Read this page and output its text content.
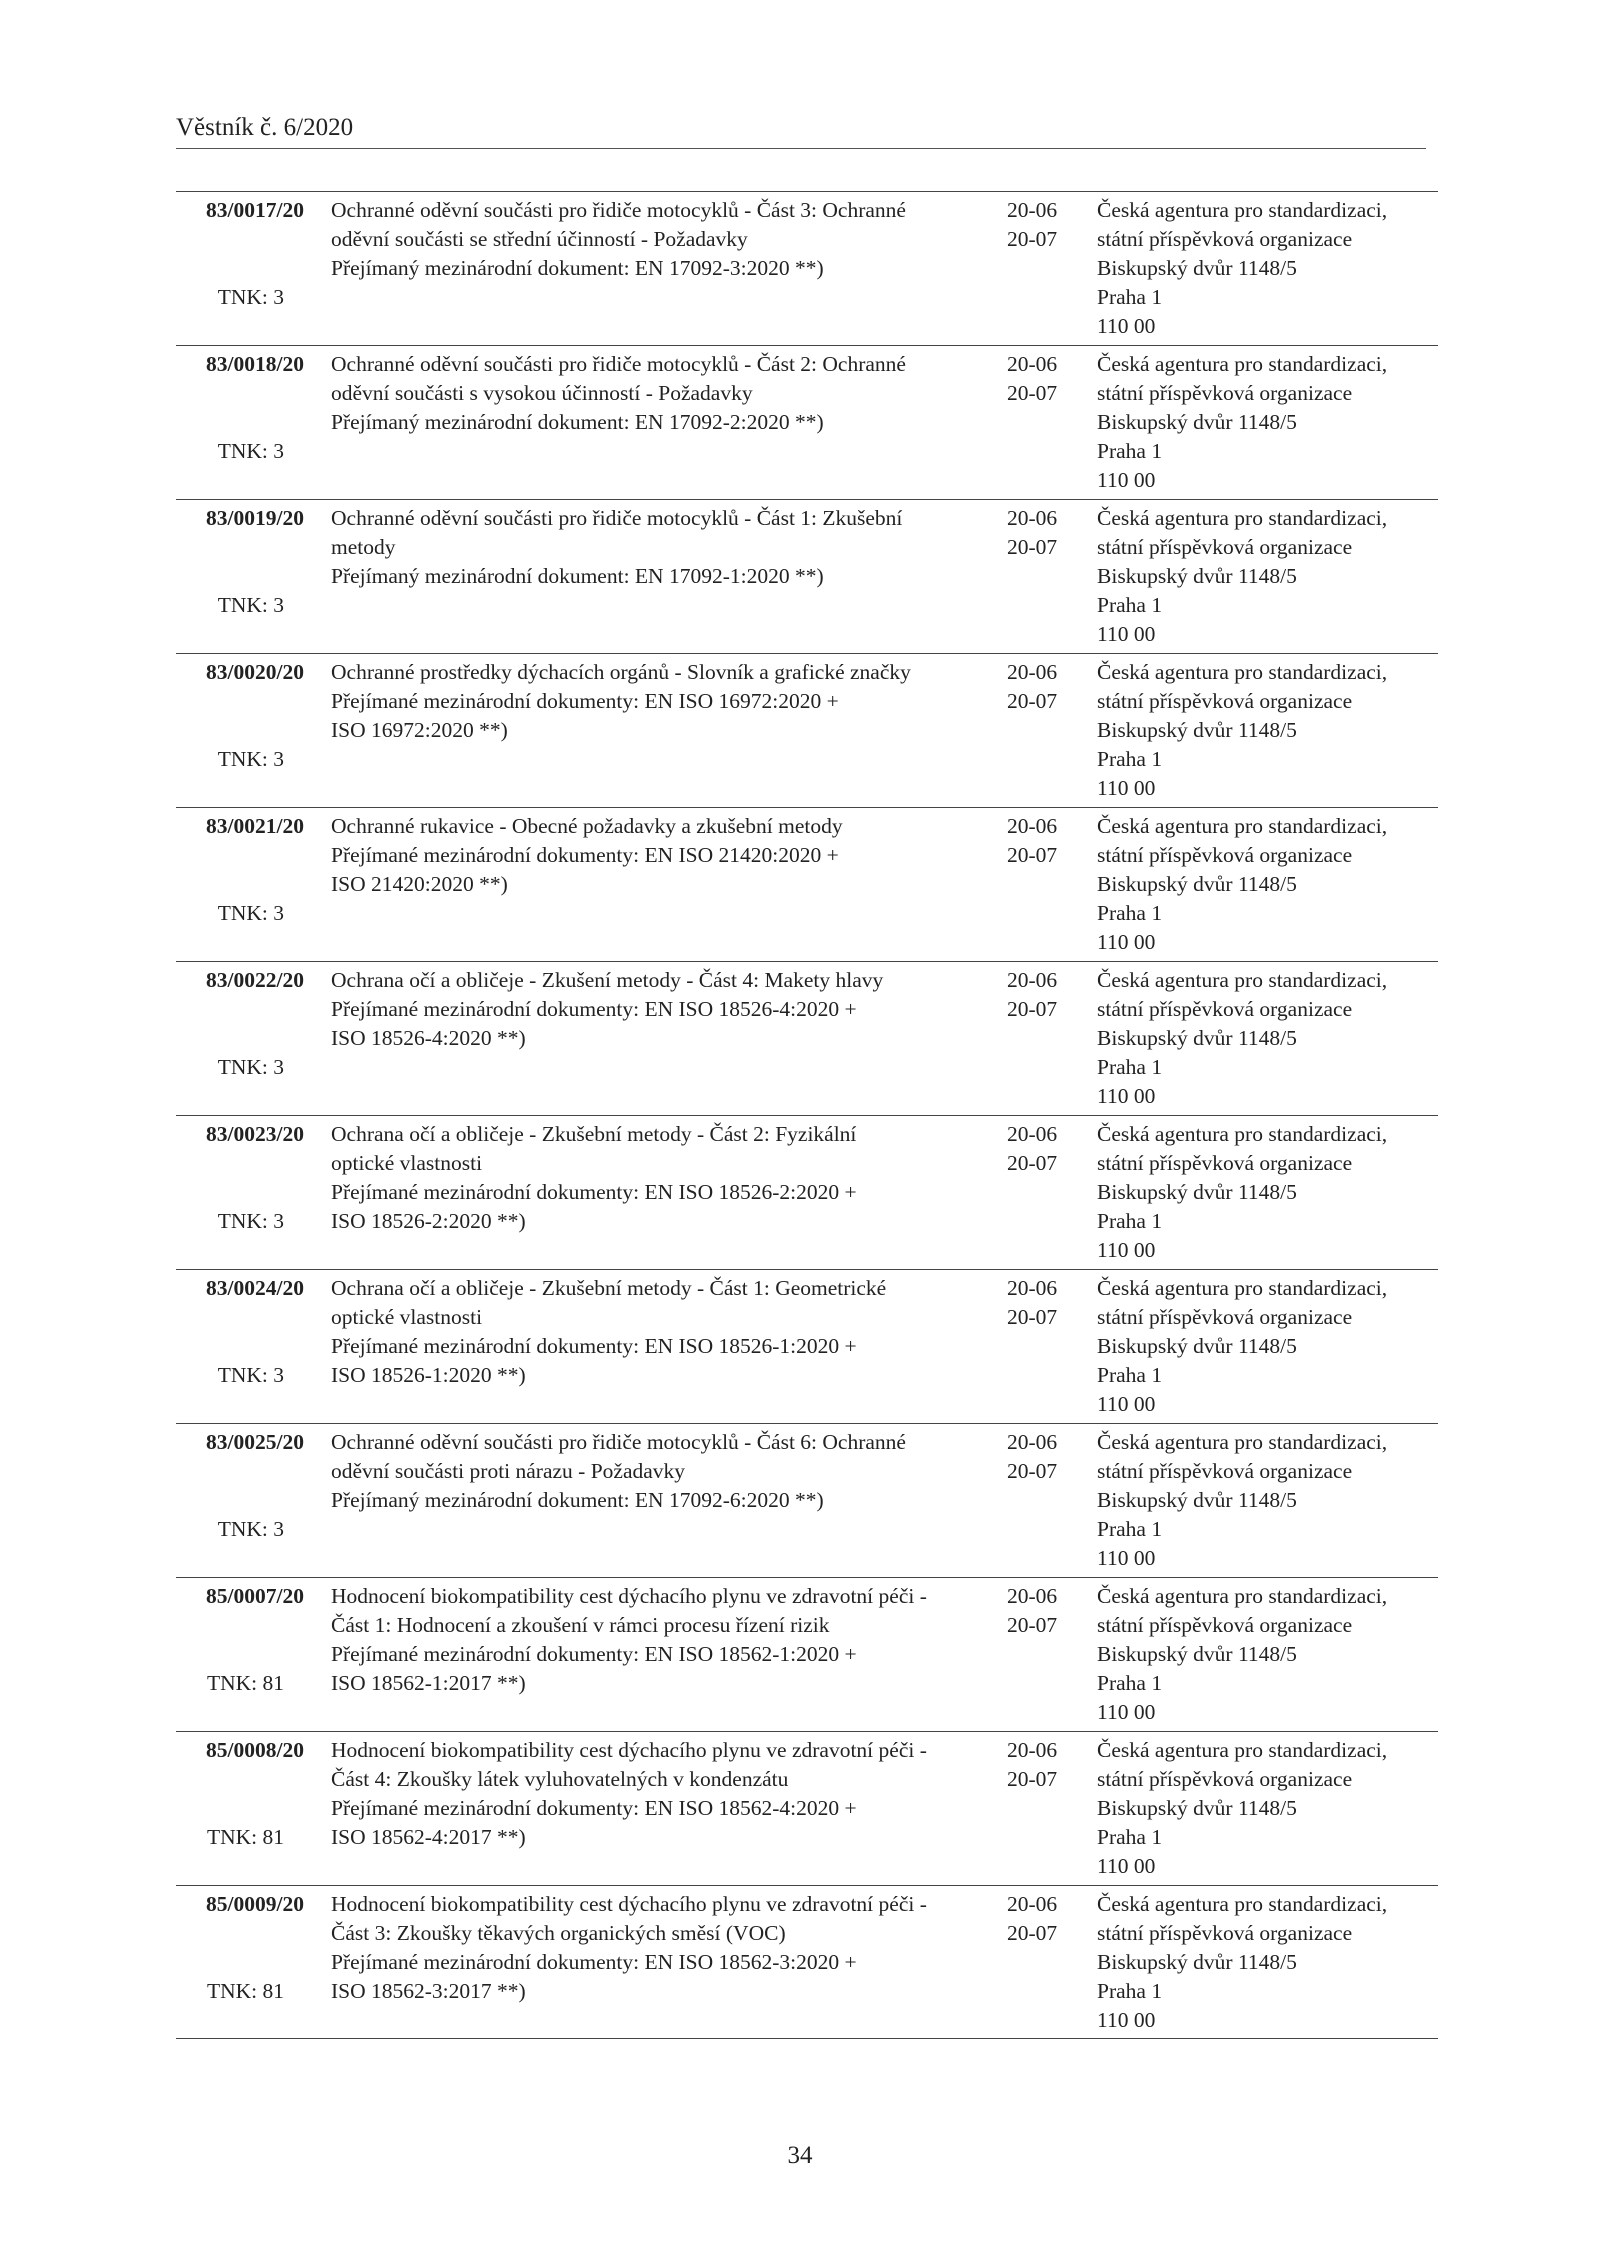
Věstník č. 6/2020
83/0017/20
TNK: 3
Ochranné oděvní součásti pro řidiče motocyklů - Část 3: Ochranné
oděvní součásti se střední účinností - Požadavky
Přejímaný mezinárodní dokument: EN 17092-3:2020 **)
20-06
20-07
Česká agentura pro standardizaci,
státní příspěvková organizace
Biskupský dvůr 1148/5
Praha 1
110 00
83/0018/20
TNK: 3
Ochranné oděvní součásti pro řidiče motocyklů - Část 2: Ochranné
oděvní součásti s vysokou účinností - Požadavky
Přejímaný mezinárodní dokument: EN 17092-2:2020 **)
20-06
20-07
Česká agentura pro standardizaci,
státní příspěvková organizace
Biskupský dvůr 1148/5
Praha 1
110 00
83/0019/20
TNK: 3
Ochranné oděvní součásti pro řidiče motocyklů - Část 1: Zkušební
metody
Přejímaný mezinárodní dokument: EN 17092-1:2020 **)
20-06
20-07
Česká agentura pro standardizaci,
státní příspěvková organizace
Biskupský dvůr 1148/5
Praha 1
110 00
83/0020/20
TNK: 3
Ochranné prostředky dýchacích orgánů - Slovník a grafické značky
Přejímané mezinárodní dokumenty: EN ISO 16972:2020 +
ISO 16972:2020 **)
20-06
20-07
Česká agentura pro standardizaci,
státní příspěvková organizace
Biskupský dvůr 1148/5
Praha 1
110 00
83/0021/20
TNK: 3
Ochranné rukavice - Obecné požadavky a zkušební metody
Přejímané mezinárodní dokumenty: EN ISO 21420:2020 +
ISO 21420:2020 **)
20-06
20-07
Česká agentura pro standardizaci,
státní příspěvková organizace
Biskupský dvůr 1148/5
Praha 1
110 00
83/0022/20
TNK: 3
Ochrana očí a obličeje - Zkušení metody - Část 4: Makety hlavy
Přejímané mezinárodní dokumenty: EN ISO 18526-4:2020 +
ISO 18526-4:2020 **)
20-06
20-07
Česká agentura pro standardizaci,
státní příspěvková organizace
Biskupský dvůr 1148/5
Praha 1
110 00
83/0023/20
TNK: 3
Ochrana očí a obličeje - Zkušební metody - Část 2: Fyzikální
optické vlastnosti
Přejímané mezinárodní dokumenty: EN ISO 18526-2:2020 +
ISO 18526-2:2020 **)
20-06
20-07
Česká agentura pro standardizaci,
státní příspěvková organizace
Biskupský dvůr 1148/5
Praha 1
110 00
83/0024/20
TNK: 3
Ochrana očí a obličeje - Zkušební metody - Část 1: Geometrické
optické vlastnosti
Přejímané mezinárodní dokumenty: EN ISO 18526-1:2020 +
ISO 18526-1:2020 **)
20-06
20-07
Česká agentura pro standardizaci,
státní příspěvková organizace
Biskupský dvůr 1148/5
Praha 1
110 00
83/0025/20
TNK: 3
Ochranné oděvní součásti pro řidiče motocyklů - Část 6: Ochranné
oděvní součásti proti nárazu - Požadavky
Přejímaný mezinárodní dokument: EN 17092-6:2020 **)
20-06
20-07
Česká agentura pro standardizaci,
státní příspěvková organizace
Biskupský dvůr 1148/5
Praha 1
110 00
85/0007/20
TNK: 81
Hodnocení biokompatibility cest dýchacího plynu ve zdravotní péči -
Část 1: Hodnocení a zkoušení v rámci procesu řízení rizik
Přejímané mezinárodní dokumenty: EN ISO 18562-1:2020 +
ISO 18562-1:2017 **)
20-06
20-07
Česká agentura pro standardizaci,
státní příspěvková organizace
Biskupský dvůr 1148/5
Praha 1
110 00
85/0008/20
TNK: 81
Hodnocení biokompatibility cest dýchacího plynu ve zdravotní péči -
Část 4: Zkoušky látek vyluhovatelných v kondenzátu
Přejímané mezinárodní dokumenty: EN ISO 18562-4:2020 +
ISO 18562-4:2017 **)
20-06
20-07
Česká agentura pro standardizaci,
státní příspěvková organizace
Biskupský dvůr 1148/5
Praha 1
110 00
85/0009/20
TNK: 81
Hodnocení biokompatibility cest dýchacího plynu ve zdravotní péči -
Část 3: Zkoušky těkavých organických směsí (VOC)
Přejímané mezinárodní dokumenty: EN ISO 18562-3:2020 +
ISO 18562-3:2017 **)
20-06
20-07
Česká agentura pro standardizaci,
státní příspěvková organizace
Biskupský dvůr 1148/5
Praha 1
110 00
34
